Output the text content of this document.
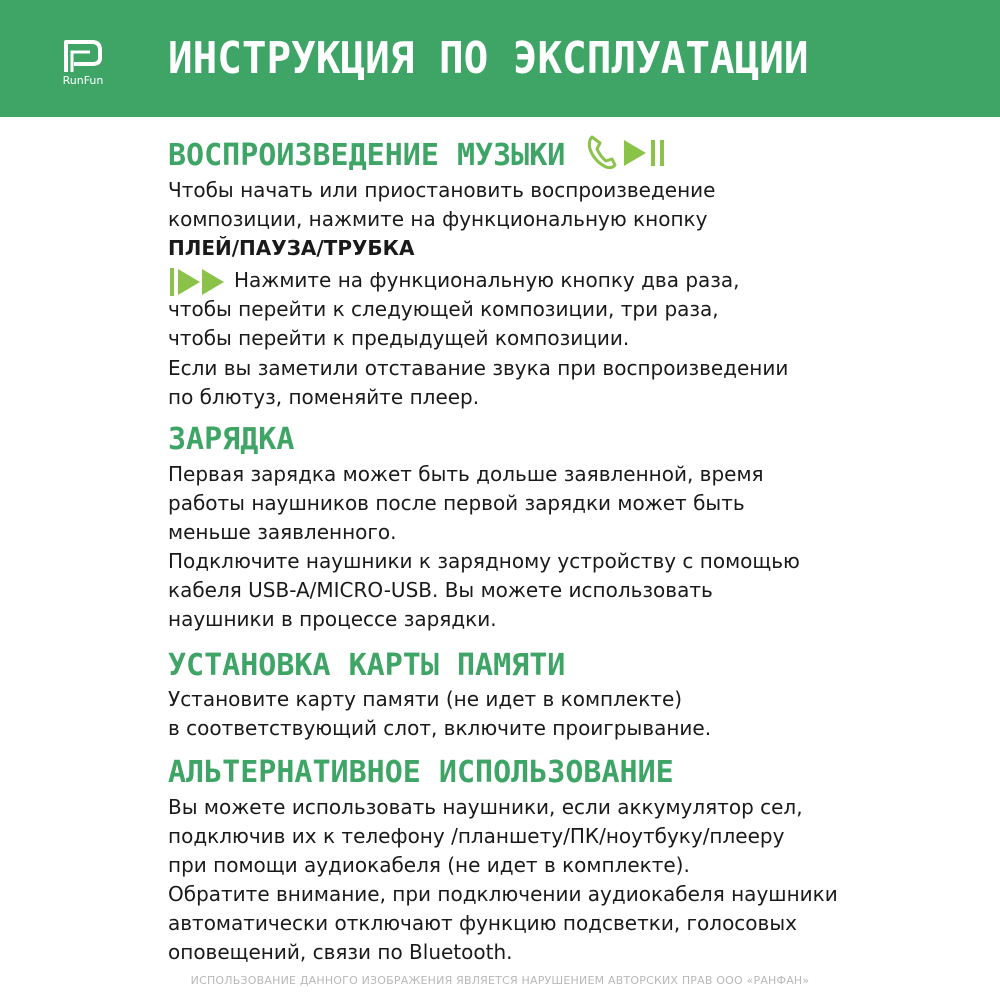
RunFun	ИНСТРУКЦИЯ ПО ЭКСПЛУАТАЦИИ
ВОСПРОИЗВЕДЕНИЕ МУЗЫКИ
Чтобы начать или приостановить воспроизведение
композиции, нажмите на функциональную кнопку
ПЛЕЙ/ПАУЗА/ТРУБКА
Нажмите на функциональную кнопку два раза,
чтобы перейти к следующей композиции, три раза,
чтобы перейти к предыдущей композиции.
Если вы заметили отставание звука при воспроизведении
по блютуз, поменяйте плеер.
ЗАРЯДКА
Первая зарядка может быть дольше заявленной, время
работы наушников после первой зарядки может быть
меньше заявленного.
Подключите наушники к зарядному устройству с помощью
кабеля USB-A/MICRO-USB. Вы можете использовать
наушники в процессе зарядки.
УСТАНОВКА КАРТЫ ПАМЯТИ
Установите карту памяти (не идет в комплекте)
в соответствующий слот, включите проигрывание.
АЛЬТЕРНАТИВНОЕ ИСПОЛЬЗОВАНИЕ
Вы можете использовать наушники, если аккумулятор сел,
подключив их к телефону /планшету/ПК/ноутбуку/плееру
при помощи аудиокабеля (не идет в комплекте).
Обратите внимание, при подключении аудиокабеля наушники
автоматически отключают функцию подсветки, голосовых
оповещений, связи по Bluetooth.
ИСПОЛЬЗОВАНИЕ ДАННОГО ИЗОБРАЖЕНИЯ ЯВЛЯЕТСЯ НАРУШЕНИЕМ АВТОРСКИХ ПРАВ ООО «РАНФАН»
